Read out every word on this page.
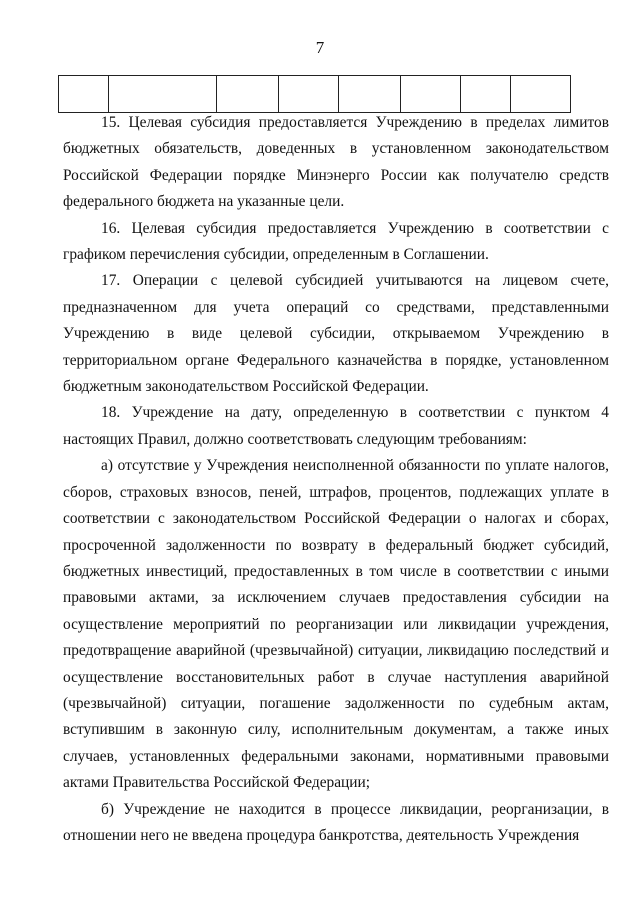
7

15. Целевая субсидия предоставляется Учреждению в пределах лимитов бюджетных обязательств, доведенных в установленном законодательством Российской Федерации порядке Минэнерго России как получателю средств федерального бюджета на указанные цели.

16. Целевая субсидия предоставляется Учреждению в соответствии с графиком перечисления субсидии, определенным в Соглашении.

17. Операции с целевой субсидией учитываются на лицевом счете, предназначенном для учета операций со средствами, представленными Учреждению в виде целевой субсидии, открываемом Учреждению в территориальном органе Федерального казначейства в порядке, установленном бюджетным законодательством Российской Федерации.

18. Учреждение на дату, определенную в соответствии с пунктом 4 настоящих Правил, должно соответствовать следующим требованиям:

а) отсутствие у Учреждения неисполненной обязанности по уплате налогов, сборов, страховых взносов, пеней, штрафов, процентов, подлежащих уплате в соответствии с законодательством Российской Федерации о налогах и сборах, просроченной задолженности по возврату в федеральный бюджет субсидий, бюджетных инвестиций, предоставленных в том числе в соответствии с иными правовыми актами, за исключением случаев предоставления субсидии на осуществление мероприятий по реорганизации или ликвидации учреждения, предотвращение аварийной (чрезвычайной) ситуации, ликвидацию последствий и осуществление восстановительных работ в случае наступления аварийной (чрезвычайной) ситуации, погашение задолженности по судебным актам, вступившим в законную силу, исполнительным документам, а также иных случаев, установленных федеральными законами, нормативными правовыми актами Правительства Российской Федерации;

б) Учреждение не находится в процессе ликвидации, реорганизации, в отношении него не введена процедура банкротства, деятельность Учреждения
